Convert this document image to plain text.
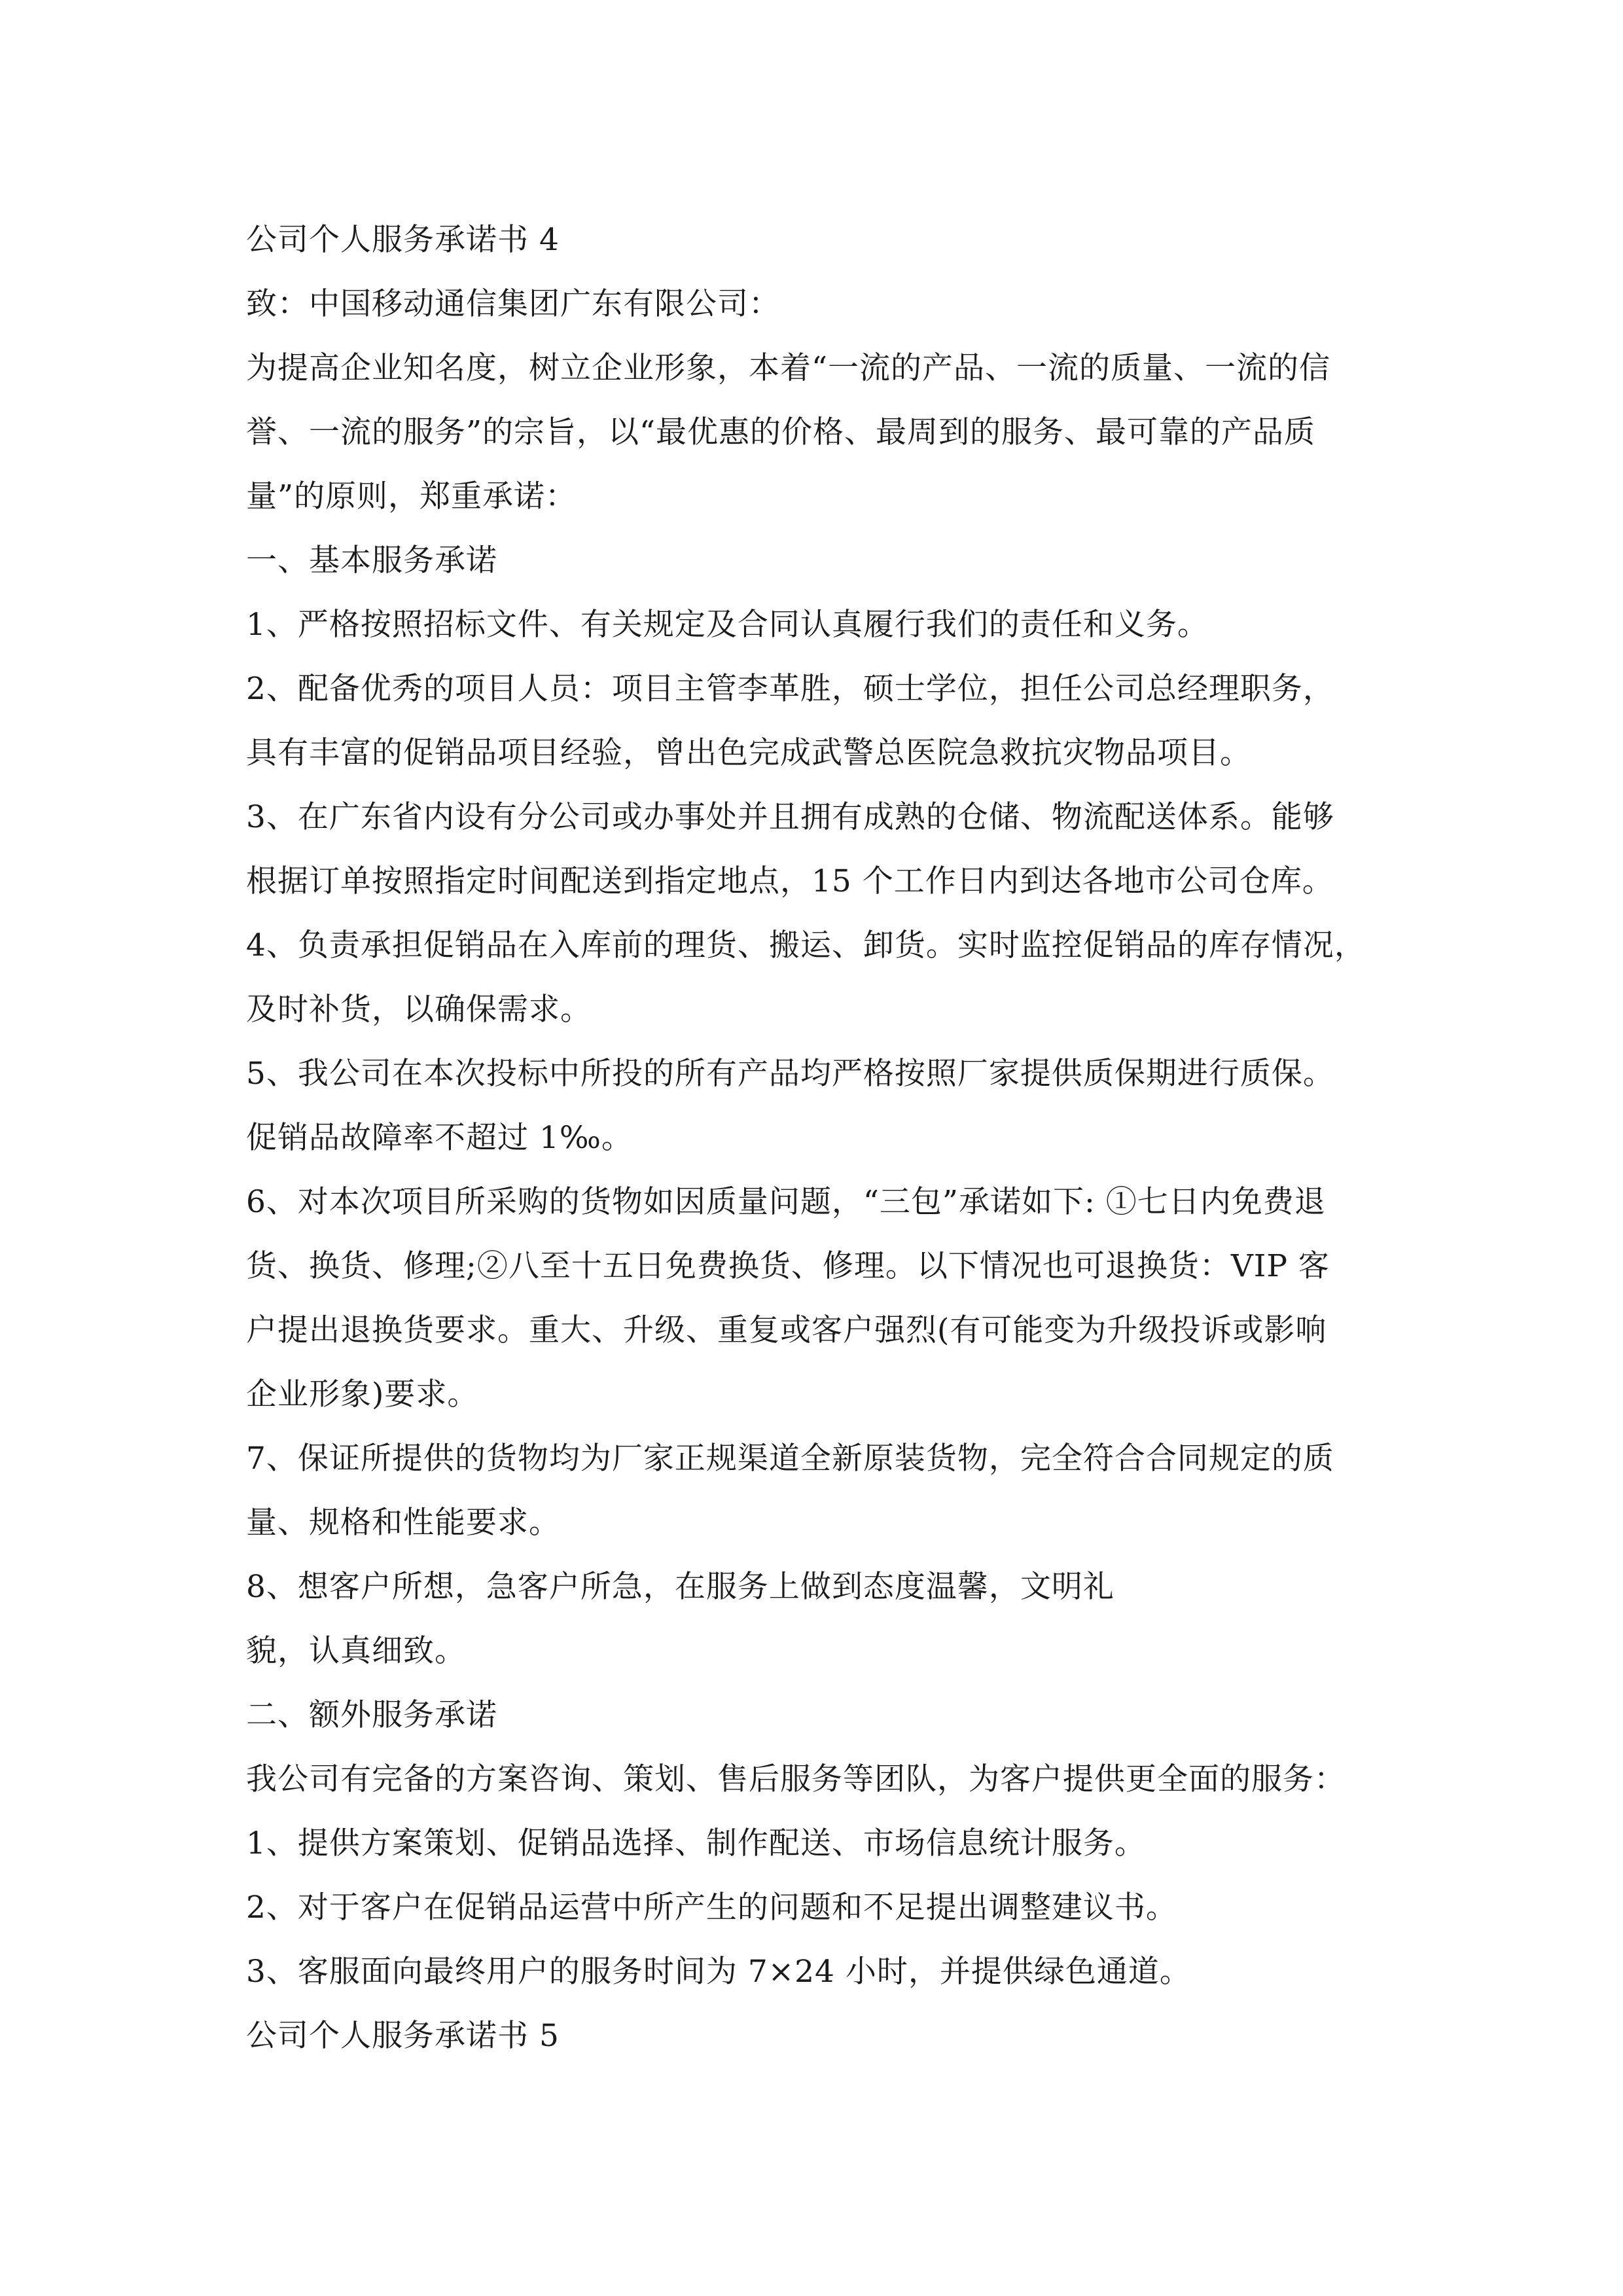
公司个人服务承诺书 4
致：中国移动通信集团广东有限公司：
为提高企业知名度，树立企业形象，本着“一流的产品、一流的质量、一流的信
誉、一流的服务”的宗旨，以“最优惠的价格、最周到的服务、最可靠的产品质
量”的原则，郑重承诺：
一、基本服务承诺
1、严格按照招标文件、有关规定及合同认真履行我们的责任和义务。
2、配备优秀的项目人员：项目主管李革胜，硕士学位，担任公司总经理职务，
具有丰富的促销品项目经验，曾出色完成武警总医院急救抗灾物品项目。
3、在广东省内设有分公司或办事处并且拥有成熟的仓储、物流配送体系。能够
根据订单按照指定时间配送到指定地点，15 个工作日内到达各地市公司仓库。
4、负责承担促销品在入库前的理货、搬运、卸货。实时监控促销品的库存情况，
及时补货，以确保需求。
5、我公司在本次投标中所投的所有产品均严格按照厂家提供质保期进行质保。
促销品故障率不超过 1‰。
6、对本次项目所采购的货物如因质量问题，“三包”承诺如下: ①七日内免费退
货、换货、修理;②八至十五日免费换货、修理。以下情况也可退换货：VIP 客
户提出退换货要求。重大、升级、重复或客户强烈(有可能变为升级投诉或影响
企业形象)要求。
7、保证所提供的货物均为厂家正规渠道全新原装货物，完全符合合同规定的质
量、规格和性能要求。
8、想客户所想，急客户所急，在服务上做到态度温馨，文明礼
貌，认真细致。
二、额外服务承诺
我公司有完备的方案咨询、策划、售后服务等团队，为客户提供更全面的服务：
1、提供方案策划、促销品选择、制作配送、市场信息统计服务。
2、对于客户在促销品运营中所产生的问题和不足提出调整建议书。
3、客服面向最终用户的服务时间为 7×24 小时，并提供绿色通道。
公司个人服务承诺书 5
